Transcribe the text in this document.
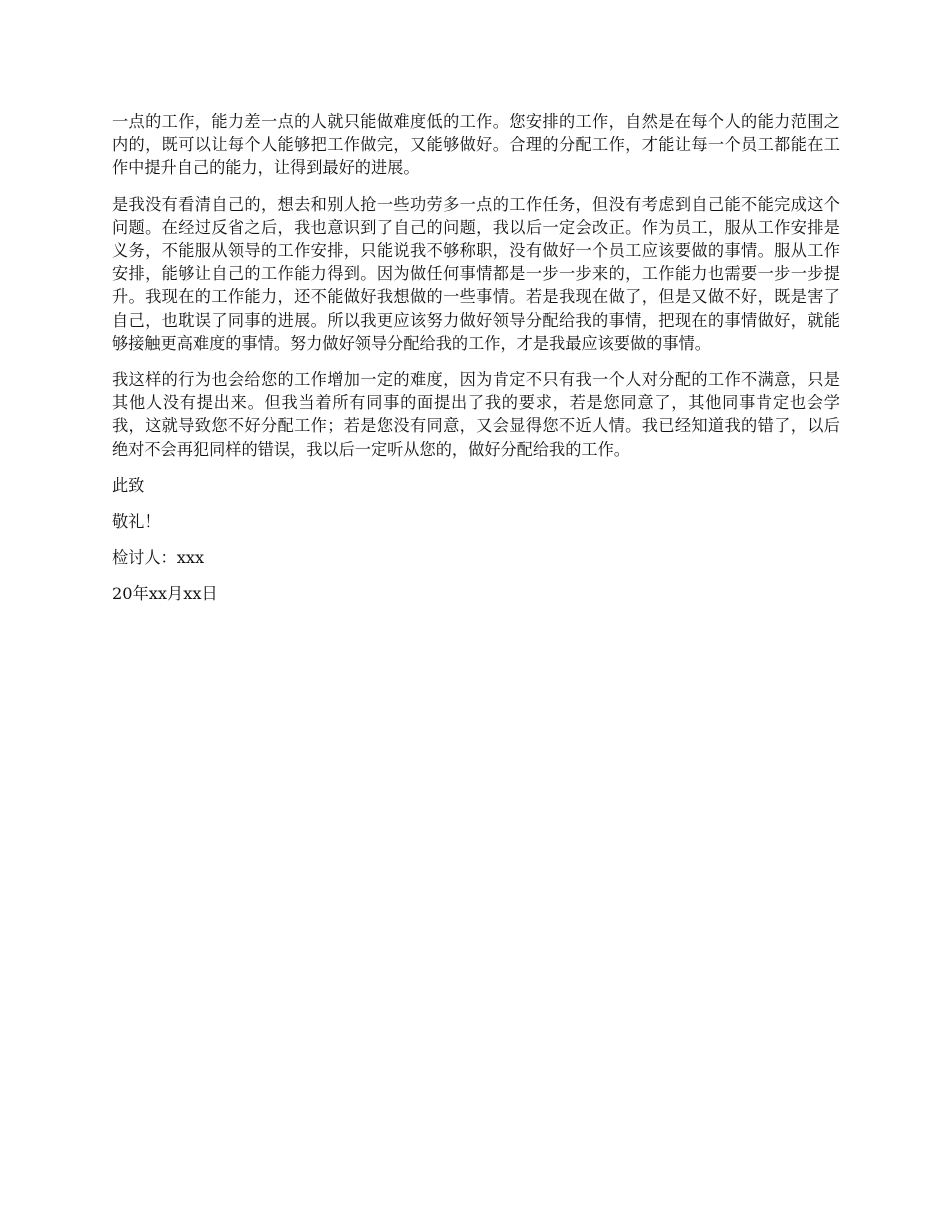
一点的工作，能力差一点的人就只能做难度低的工作。您安排的工作，自然是在每个人的能力范围之内的，既可以让每个人能够把工作做完，又能够做好。合理的分配工作，才能让每一个员工都能在工作中提升自己的能力，让得到最好的进展。

是我没有看清自己的，想去和别人抢一些功劳多一点的工作任务，但没有考虑到自己能不能完成这个问题。在经过反省之后，我也意识到了自己的问题，我以后一定会改正。作为员工，服从工作安排是义务，不能服从领导的工作安排，只能说我不够称职，没有做好一个员工应该要做的事情。服从工作安排，能够让自己的工作能力得到。因为做任何事情都是一步一步来的，工作能力也需要一步一步提升。我现在的工作能力，还不能做好我想做的一些事情。若是我现在做了，但是又做不好，既是害了自己，也耽误了同事的进展。所以我更应该努力做好领导分配给我的事情，把现在的事情做好，就能够接触更高难度的事情。努力做好领导分配给我的工作，才是我最应该要做的事情。

我这样的行为也会给您的工作增加一定的难度，因为肯定不只有我一个人对分配的工作不满意，只是其他人没有提出来。但我当着所有同事的面提出了我的要求，若是您同意了，其他同事肯定也会学我，这就导致您不好分配工作；若是您没有同意，又会显得您不近人情。我已经知道我的错了，以后绝对不会再犯同样的错误，我以后一定听从您的，做好分配给我的工作。

此致

敬礼！

检讨人：xxx

20年xx月xx日
